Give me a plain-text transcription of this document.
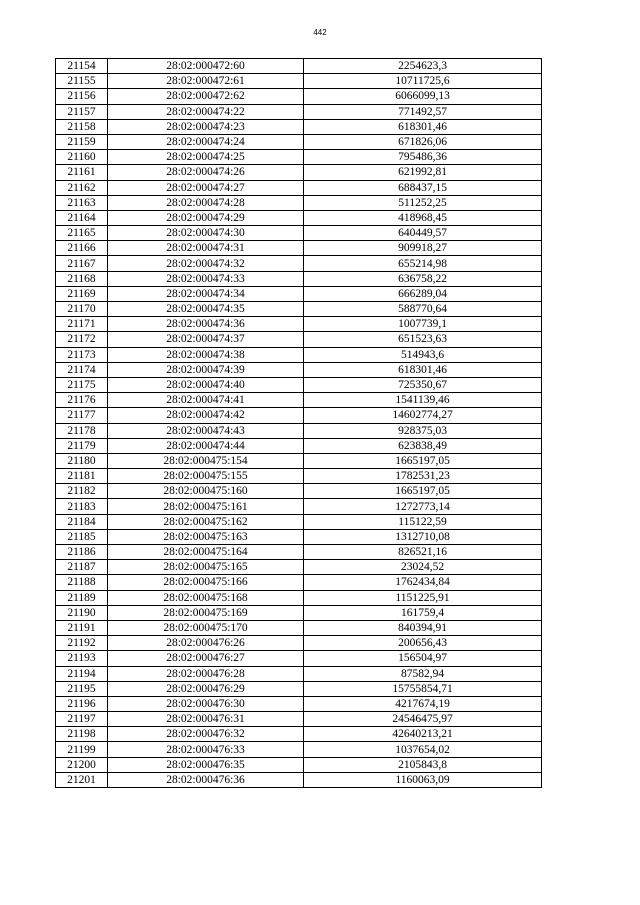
442
21154	28:02:000472:60	2254623,3
21155	28:02:000472:61	10711725,6
21156	28:02:000472:62	6066099,13
21157	28:02:000474:22	771492,57
21158	28:02:000474:23	618301,46
21159	28:02:000474:24	671826,06
21160	28:02:000474:25	795486,36
21161	28:02:000474:26	621992,81
21162	28:02:000474:27	688437,15
21163	28:02:000474:28	511252,25
21164	28:02:000474:29	418968,45
21165	28:02:000474:30	640449,57
21166	28:02:000474:31	909918,27
21167	28:02:000474:32	655214,98
21168	28:02:000474:33	636758,22
21169	28:02:000474:34	666289,04
21170	28:02:000474:35	588770,64
21171	28:02:000474:36	1007739,1
21172	28:02:000474:37	651523,63
21173	28:02:000474:38	514943,6
21174	28:02:000474:39	618301,46
21175	28:02:000474:40	725350,67
21176	28:02:000474:41	1541139,46
21177	28:02:000474:42	14602774,27
21178	28:02:000474:43	928375,03
21179	28:02:000474:44	623838,49
21180	28:02:000475:154	1665197,05
21181	28:02:000475:155	1782531,23
21182	28:02:000475:160	1665197,05
21183	28:02:000475:161	1272773,14
21184	28:02:000475:162	115122,59
21185	28:02:000475:163	1312710,08
21186	28:02:000475:164	826521,16
21187	28:02:000475:165	23024,52
21188	28:02:000475:166	1762434,84
21189	28:02:000475:168	1151225,91
21190	28:02:000475:169	161759,4
21191	28:02:000475:170	840394,91
21192	28:02:000476:26	200656,43
21193	28:02:000476:27	156504,97
21194	28:02:000476:28	87582,94
21195	28:02:000476:29	15755854,71
21196	28:02:000476:30	4217674,19
21197	28:02:000476:31	24546475,97
21198	28:02:000476:32	42640213,21
21199	28:02:000476:33	1037654,02
21200	28:02:000476:35	2105843,8
21201	28:02:000476:36	1160063,09
